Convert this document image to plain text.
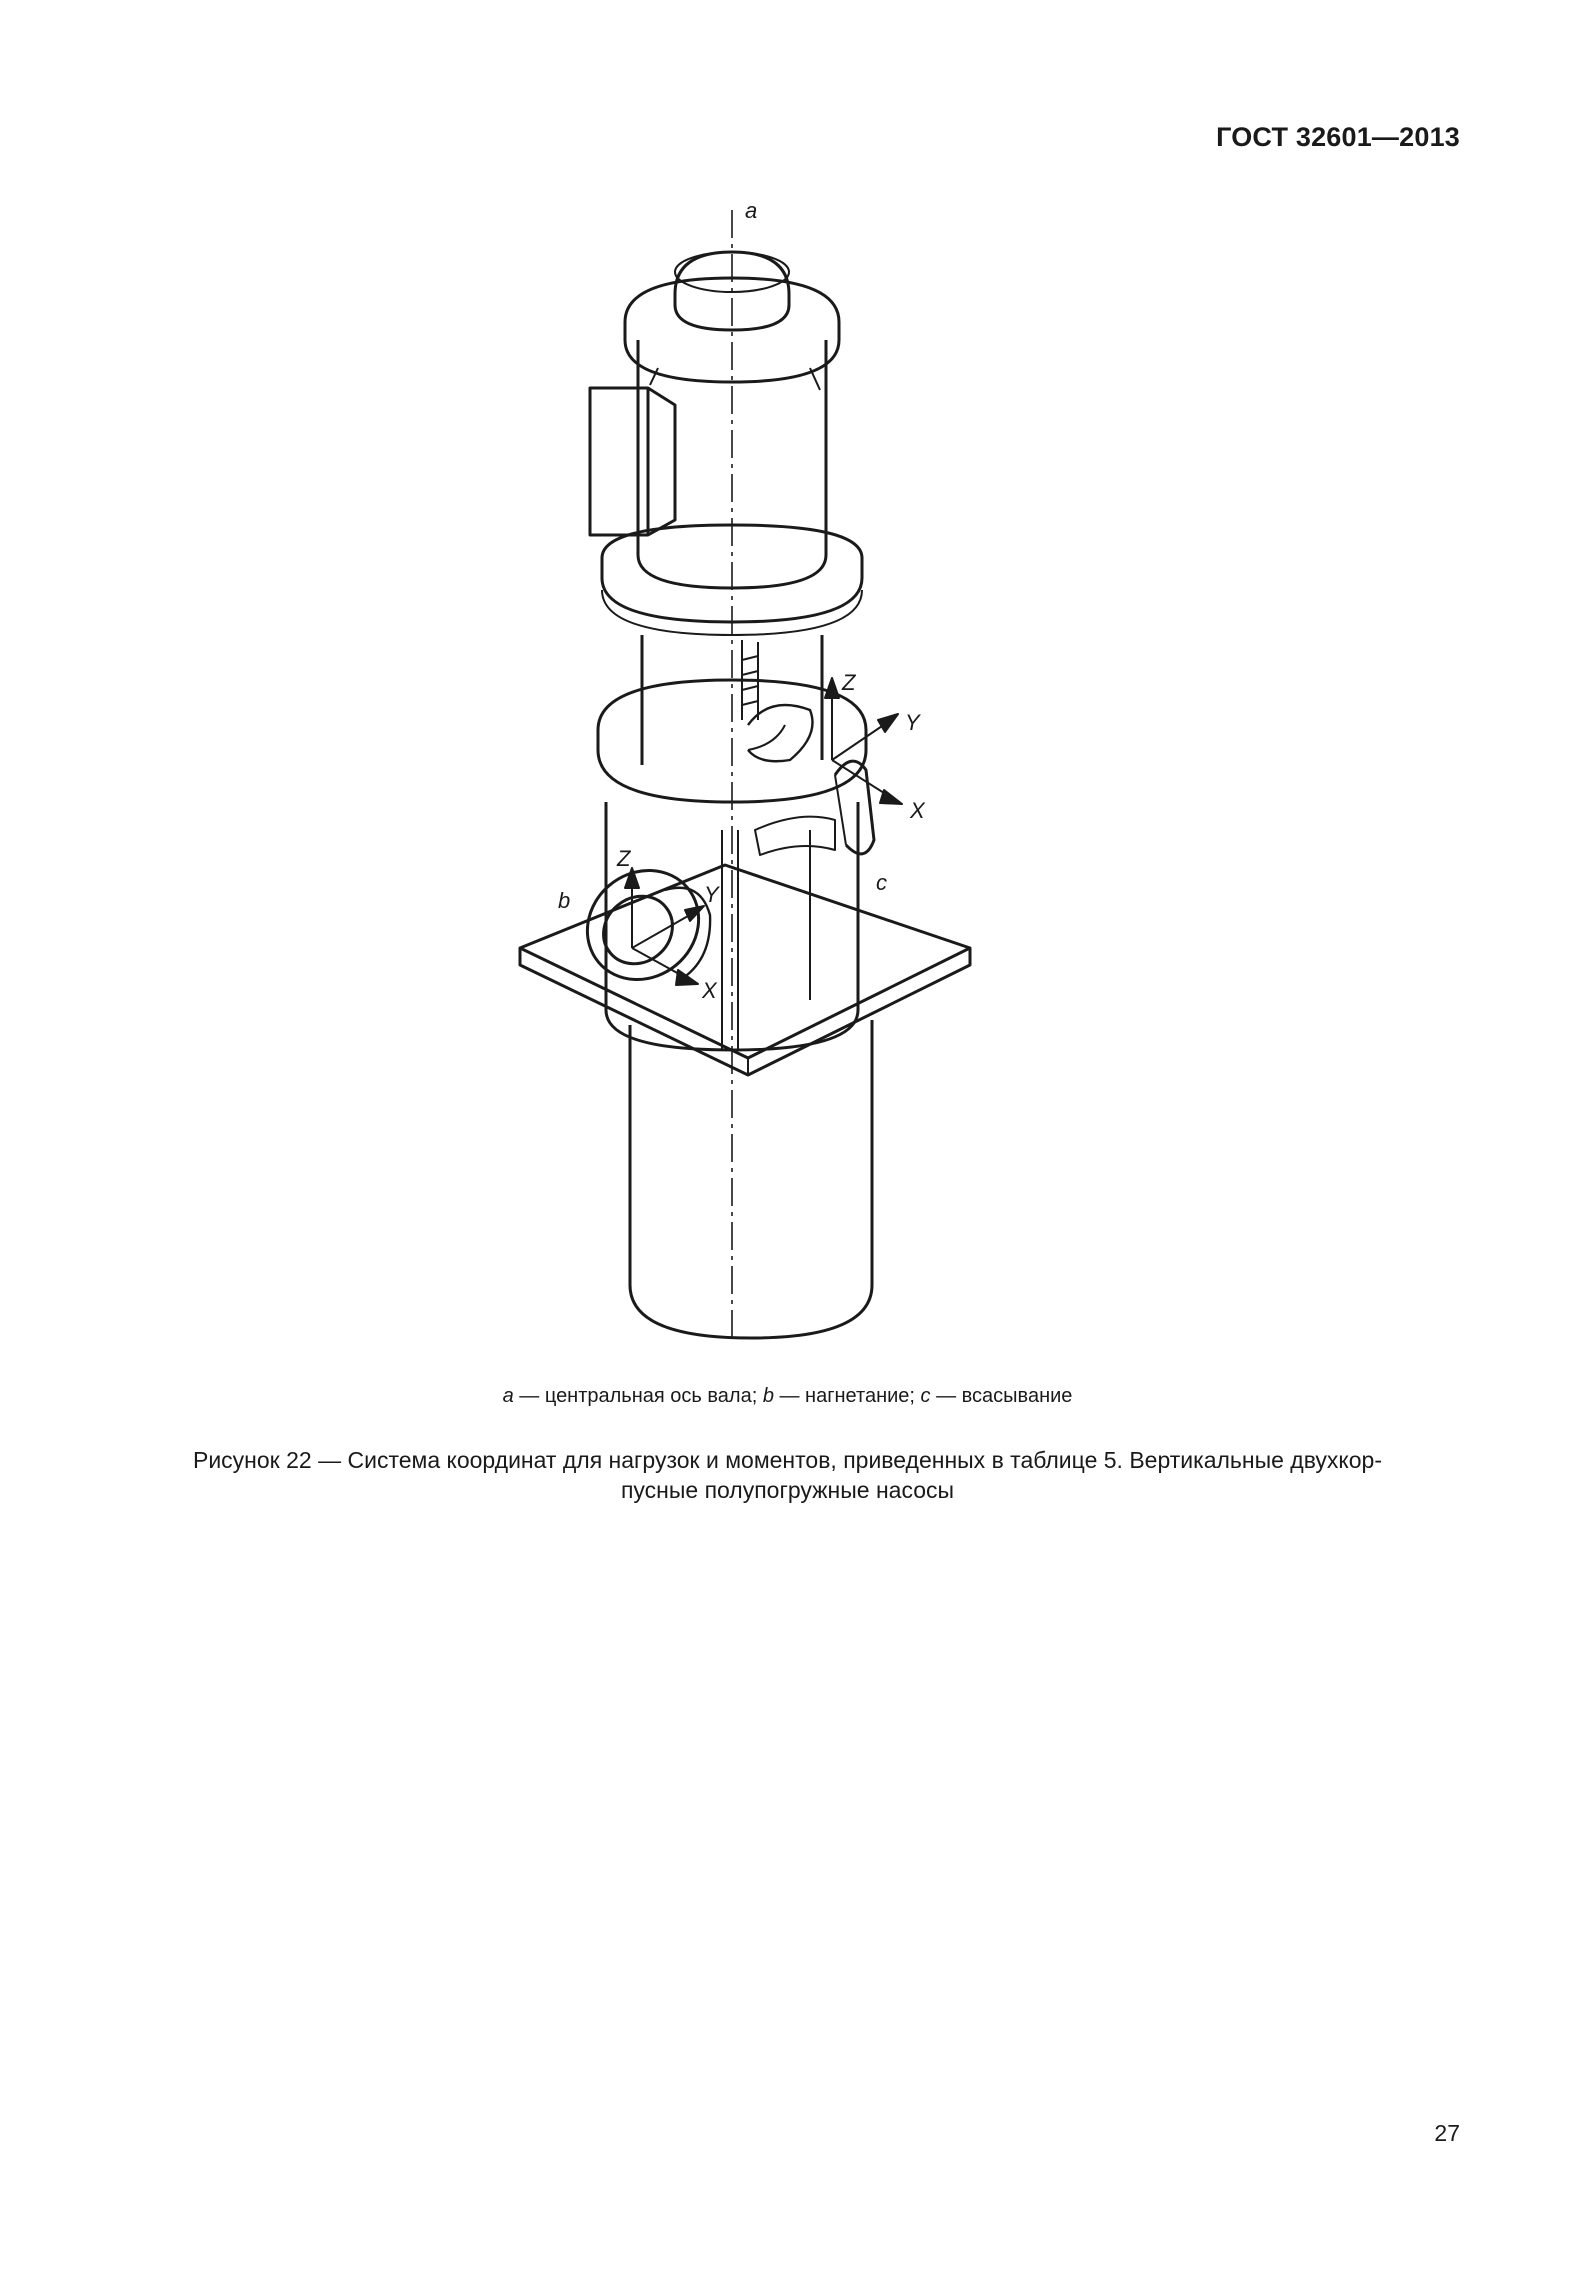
ГОСТ 32601—2013
a
Z
Y
X
c
Z
b	Y
X
a — центральная ось вала; b — нагнетание; c — всасывание
Рисунок 22 — Система координат для нагрузок и моментов, приведенных в таблице 5. Вертикальные двухкор-
пусные полупогружные насосы
27
